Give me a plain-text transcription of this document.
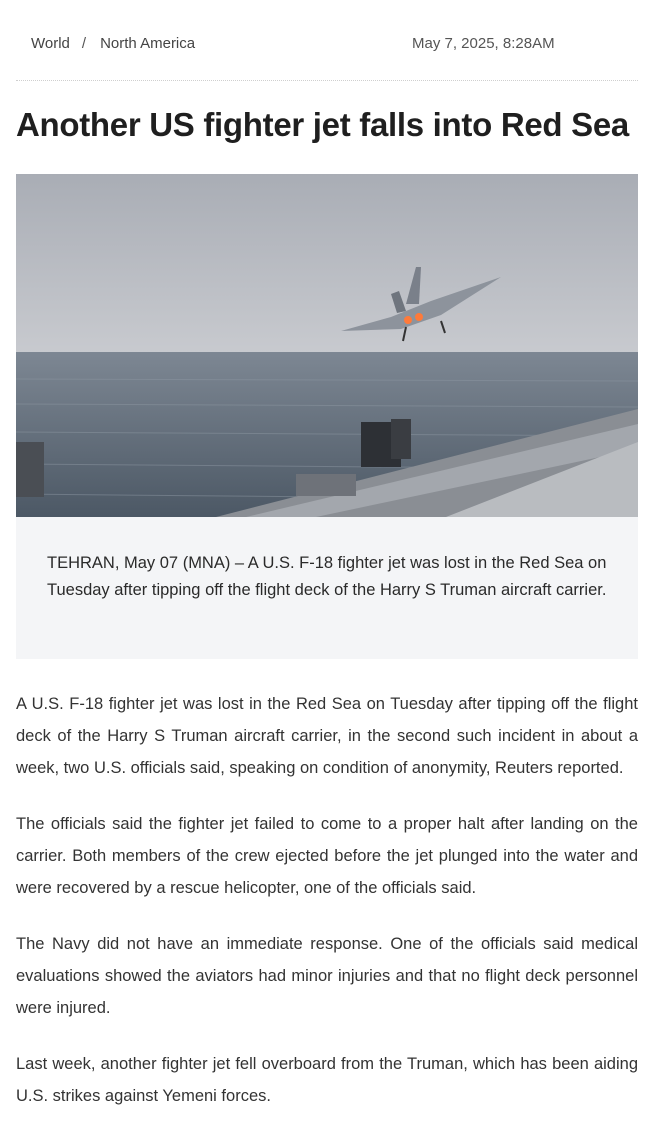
World / North America	May 7, 2025, 8:28AM
Another US fighter jet falls into Red Sea

TEHRAN, May 07 (MNA) – A U.S. F-18 fighter jet was lost in the Red Sea on Tuesday after tipping off the flight deck of the Harry S Truman aircraft carrier.

A U.S. F-18 fighter jet was lost in the Red Sea on Tuesday after tipping off the flight deck of the Harry S Truman aircraft carrier, in the second such incident in about a week, two U.S. officials said, speaking on condition of anonymity, Reuters reported.

The officials said the fighter jet failed to come to a proper halt after landing on the carrier. Both members of the crew ejected before the jet plunged into the water and were recovered by a rescue helicopter, one of the officials said.

The Navy did not have an immediate response. One of the officials said medical evaluations showed the aviators had minor injuries and that no flight deck personnel were injured.

Last week, another fighter jet fell overboard from the Truman, which has been aiding U.S. strikes against Yemeni forces.
